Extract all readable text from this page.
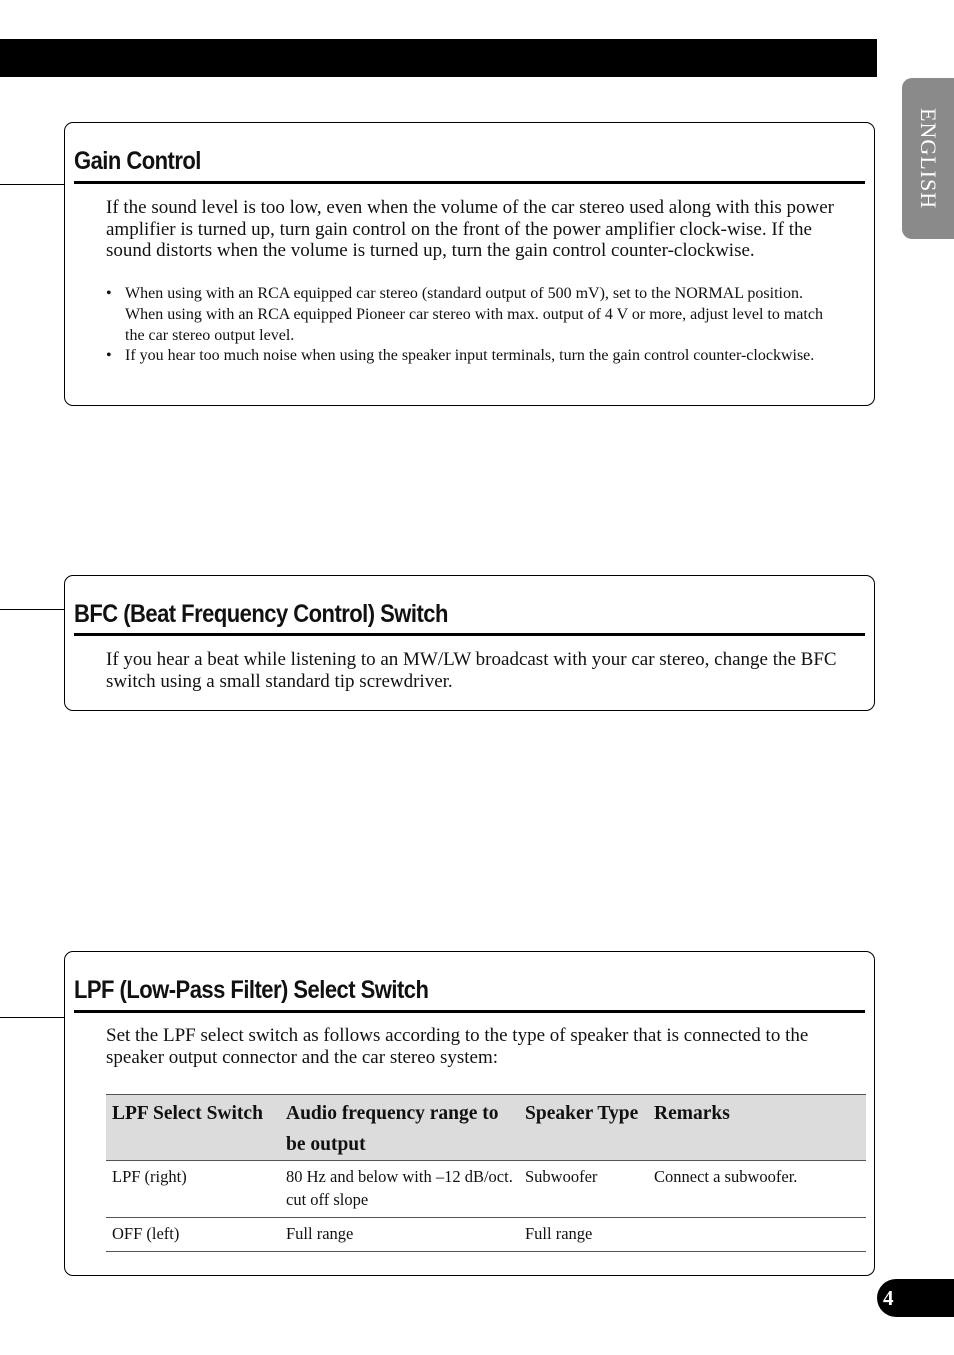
ENGLISH
Gain Control

If the sound level is too low, even when the volume of the car stereo used along with this power amplifier is turned up, turn gain control on the front of the power amplifier clock-wise. If the sound distorts when the volume is turned up, turn the gain control counter-clockwise.

• When using with an RCA equipped car stereo (standard output of 500 mV), set to the NORMAL position. When using with an RCA equipped Pioneer car stereo with max. output of 4 V or more, adjust level to match the car stereo output level.
• If you hear too much noise when using the speaker input terminals, turn the gain control counter-clockwise.
BFC (Beat Frequency Control) Switch

If you hear a beat while listening to an MW/LW broadcast with your car stereo, change the BFC switch using a small standard tip screwdriver.

LPF (Low-Pass Filter) Select Switch

Set the LPF select switch as follows according to the type of speaker that is connected to the speaker output connector and the car stereo system:

LPF Select Switch	Audio frequency range to be output	Speaker Type	Remarks
LPF (right)	80 Hz and below with –12 dB/oct. cut off slope	Subwoofer	Connect a subwoofer.
OFF (left)	Full range	Full range	
4
